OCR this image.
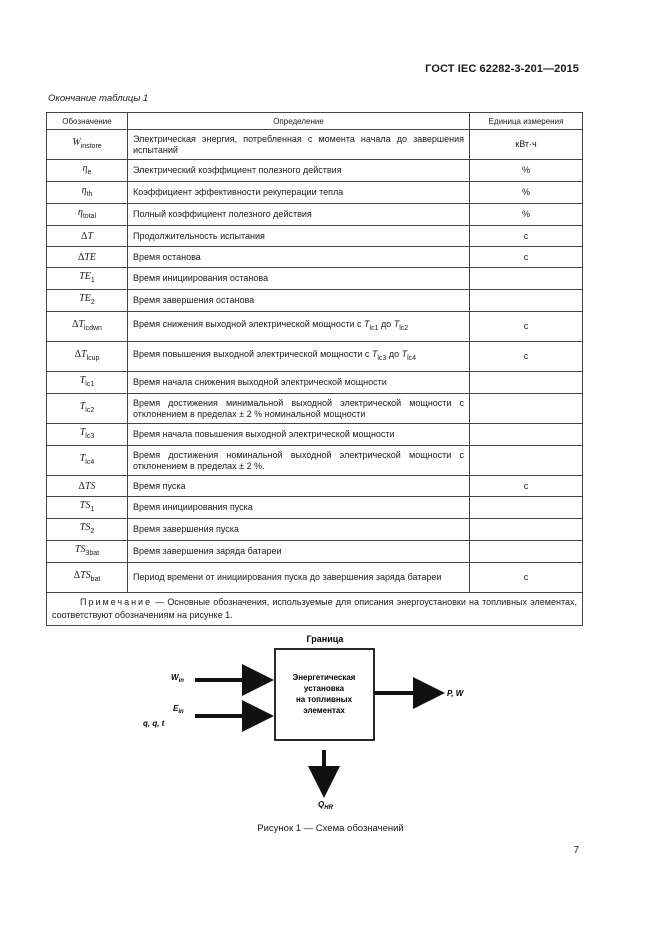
ГОСТ IEC 62282-3-201—2015
Окончание таблицы 1
Обозначение	Определение	Единица измерения
$W_{instore}$	Электрическая энергия, потребленная с момента начала до завершения испытаний	кВт·ч
$\eta_e$	Электрический коэффициент полезного действия	%
$\eta_{th}$	Коэффициент эффективности рекуперации тепла	%
$\eta_{total}$	Полный коэффициент полезного действия	%
ΔT	Продолжительность испытания	с
ΔTE	Время останова	с
$TE_1$	Время инициирования останова	
$TE_2$	Время завершения останова	
$\Delta T_{lcdwn}$	Время снижения выходной электрической мощности с $T_{lc1}$ до $T_{lc2}$	с
$\Delta T_{lcup}$	Время повышения выходной электрической мощности с $T_{lc3}$ до $T_{lc4}$	с
$T_{lc1}$	Время начала снижения выходной электрической мощности	
$T_{lc2}$	Время достижения минимальной выходной электрической мощности с отклонением в пределах ± 2 % номинальной мощности	
$T_{lc3}$	Время начала повышения выходной электрической мощности	
$T_{lc4}$	Время достижения номинальной выходной электрической мощности с отклонением в пределах ± 2 %.	
ΔTS	Время пуска	с
$TS_1$	Время инициирования пуска	
$TS_2$	Время завершения пуска	
$TS_{3bat}$	Время завершения заряда батареи	
$\Delta TS_{bat}$	Период времени от инициирования пуска до завершения заряда батареи	с
Примечание — Основные обозначения, используемые для описания энергоустановки на топливных элементах, соответствуют обозначениям на рисунке 1.		
Граница
Энергетическая
установка
на топливных
элементах
$W_{in}$
$E_{in}$
q, q, t
P, W
$Q_{HR}$
Рисунок 1 — Схема обозначений
7
